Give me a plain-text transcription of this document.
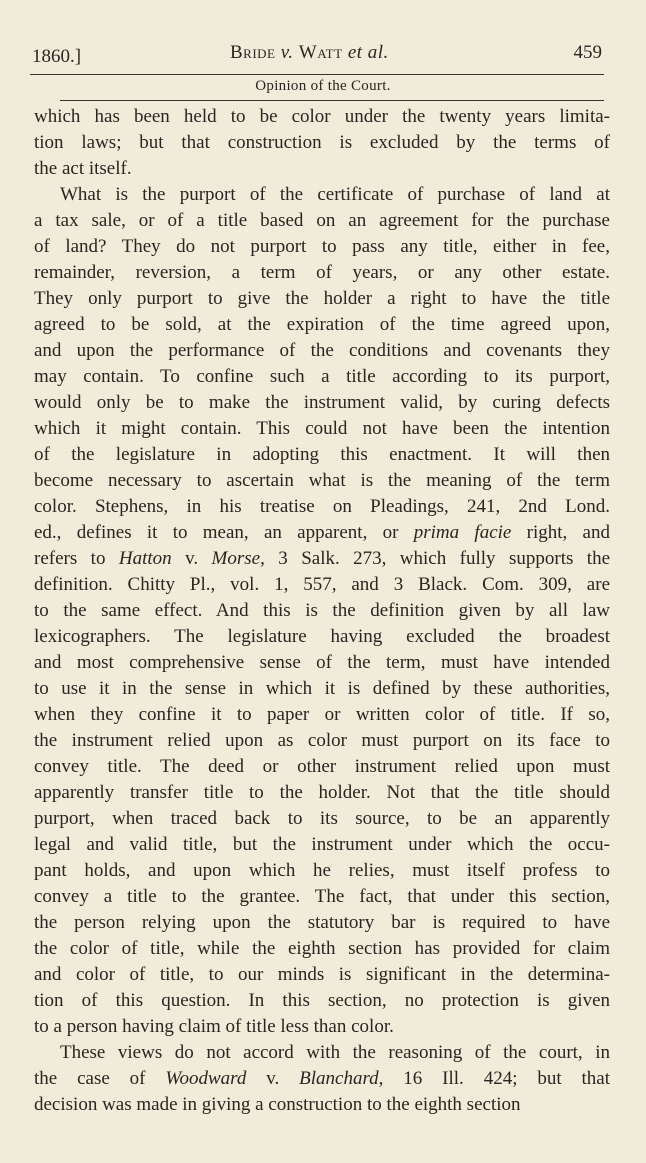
1860.]	Bride v. Watt et al.	459
Opinion of the Court.
which has been held to be color under the twenty years limita-
tion laws; but that construction is excluded by the terms of
the act itself.
What is the purport of the certificate of purchase of land at
a tax sale, or of a title based on an agreement for the purchase
of land? They do not purport to pass any title, either in fee,
remainder, reversion, a term of years, or any other estate.
They only purport to give the holder a right to have the title
agreed to be sold, at the expiration of the time agreed upon,
and upon the performance of the conditions and covenants they
may contain. To confine such a title according to its purport,
would only be to make the instrument valid, by curing defects
which it might contain. This could not have been the intention
of the legislature in adopting this enactment. It will then
become necessary to ascertain what is the meaning of the term
color. Stephens, in his treatise on Pleadings, 241, 2nd Lond.
ed., defines it to mean, an apparent, or prima facie right, and
refers to Hatton v. Morse, 3 Salk. 273, which fully supports the
definition. Chitty Pl., vol. 1, 557, and 3 Black. Com. 309, are
to the same effect. And this is the definition given by all law
lexicographers. The legislature having excluded the broadest
and most comprehensive sense of the term, must have intended
to use it in the sense in which it is defined by these authorities,
when they confine it to paper or written color of title. If so,
the instrument relied upon as color must purport on its face to
convey title. The deed or other instrument relied upon must
apparently transfer title to the holder. Not that the title should
purport, when traced back to its source, to be an apparently
legal and valid title, but the instrument under which the occu-
pant holds, and upon which he relies, must itself profess to
convey a title to the grantee. The fact, that under this section,
the person relying upon the statutory bar is required to have
the color of title, while the eighth section has provided for claim
and color of title, to our minds is significant in the determina-
tion of this question. In this section, no protection is given
to a person having claim of title less than color.
These views do not accord with the reasoning of the court, in
the case of Woodward v. Blanchard, 16 Ill. 424; but that
decision was made in giving a construction to the eighth section
